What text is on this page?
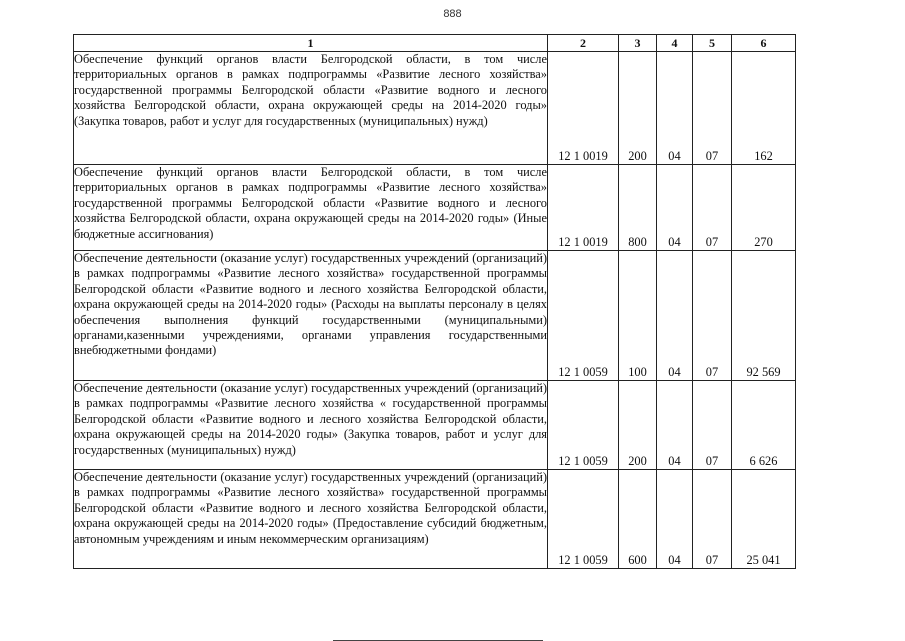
888
1	2	3	4	5	6
Обеспечение функций органов власти Белгородской области, в том числе территориальных органов в рамках подпрограммы «Развитие лесного хозяйства» государственной программы Белгородской области «Развитие водного и лесного хозяйства Белгородской области, охрана окружающей среды на 2014-2020 годы» (Закупка товаров, работ и услуг для государственных (муниципальных) нужд)	12 1 0019	200	04	07	162
Обеспечение функций органов власти Белгородской области, в том числе территориальных органов в рамках подпрограммы «Развитие лесного хозяйства» государственной программы Белгородской области «Развитие водного и лесного хозяйства Белгородской области, охрана окружающей среды на 2014-2020 годы» (Иные бюджетные ассигнования)	12 1 0019	800	04	07	270
Обеспечение деятельности (оказание услуг) государственных учреждений (организаций) в рамках подпрограммы «Развитие лесного хозяйства» государственной программы Белгородской области «Развитие водного и лесного хозяйства Белгородской области, охрана окружающей среды на 2014-2020 годы» (Расходы на выплаты персоналу в целях обеспечения выполнения функций государственными (муниципальными) органами,казенными учреждениями, органами управления государственными внебюджетными фондами)	12 1 0059	100	04	07	92 569
Обеспечение деятельности (оказание услуг) государственных учреждений (организаций) в рамках подпрограммы «Развитие лесного хозяйства « государственной программы Белгородской области «Развитие водного и лесного хозяйства Белгородской области, охрана окружающей среды на 2014-2020 годы» (Закупка товаров, работ и услуг для государственных (муниципальных) нужд)	12 1 0059	200	04	07	6 626
Обеспечение деятельности (оказание услуг) государственных учреждений (организаций) в рамках подпрограммы «Развитие лесного хозяйства» государственной программы Белгородской области «Развитие водного и лесного хозяйства Белгородской области, охрана окружающей среды на 2014-2020 годы» (Предоставление субсидий бюджетным, автономным учреждениям и иным некоммерческим организациям)	12 1 0059	600	04	07	25 041
